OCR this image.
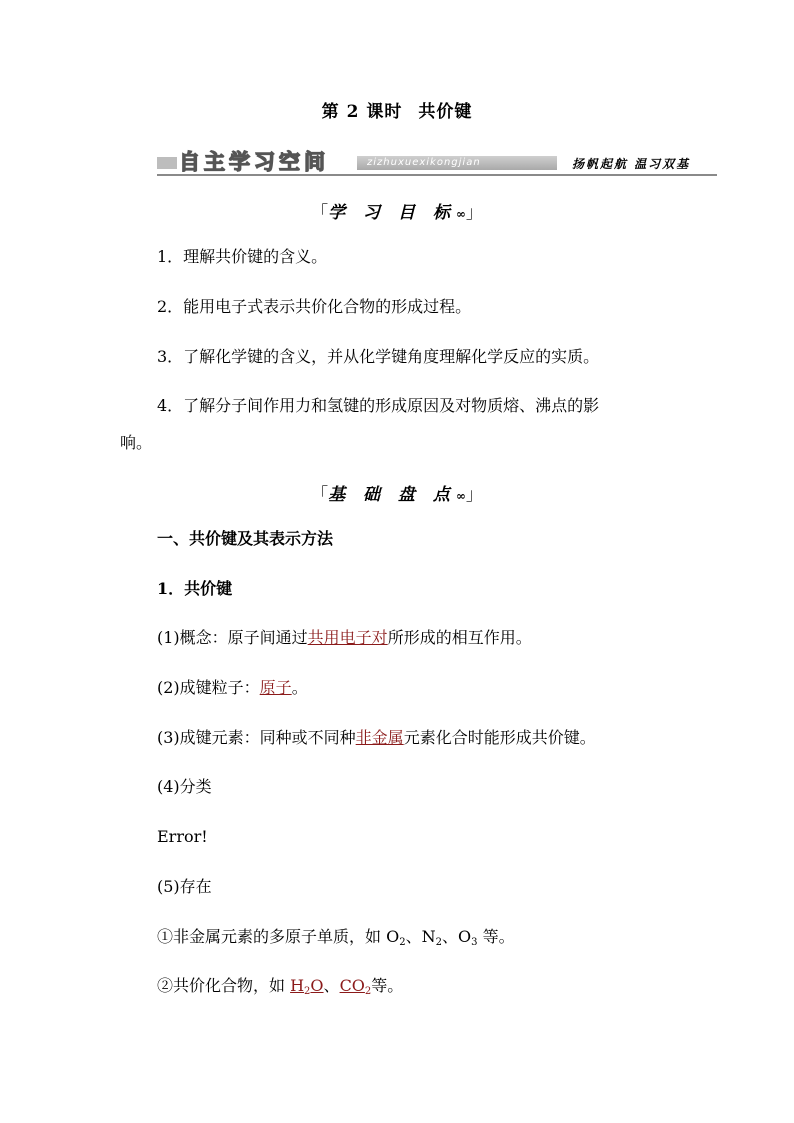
第 2 课时 共价键
自主学习空间	zizhuxuexikongjian	扬帆起航 温习双基
「学 习 目 标∞」
1．理解共价键的含义。
2．能用电子式表示共价化合物的形成过程。
3．了解化学键的含义，并从化学键角度理解化学反应的实质。
4．了解分子间作用力和氢键的形成原因及对物质熔、沸点的影
响。
「基 础 盘 点∞」
一、共价键及其表示方法
1．共价键
(1)概念：原子间通过共用电子对所形成的相互作用。
(2)成键粒子：原子。
(3)成键元素：同种或不同种非金属元素化合时能形成共价键。
(4)分类
Error!
(5)存在
①非金属元素的多原子单质，如 $O_2$、$N_2$、$O_3$ 等。
②共价化合物，如 $H_2O$、$CO_2$等。
